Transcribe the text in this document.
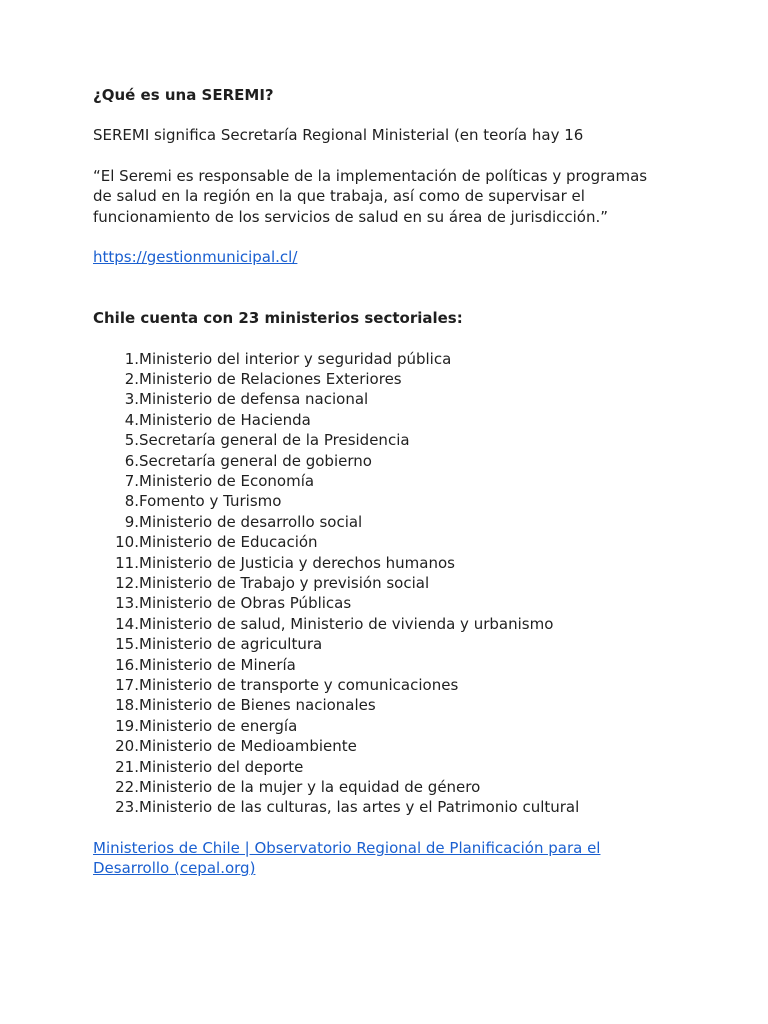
¿Qué es una SEREMI?

SEREMI significa Secretaría Regional Ministerial (en teoría hay 16

“El Seremi es responsable de la implementación de políticas y programas
de salud en la región en la que trabaja, así como de supervisar el
funcionamiento de los servicios de salud en su área de jurisdicción.”
https://gestionmunicipal.cl/

Chile cuenta con 23 ministerios sectoriales:

1. Ministerio del interior y seguridad pública
2. Ministerio de Relaciones Exteriores
3. Ministerio de defensa nacional
4. Ministerio de Hacienda
5. Secretaría general de la Presidencia
6. Secretaría general de gobierno
7. Ministerio de Economía
8. Fomento y Turismo
9. Ministerio de desarrollo social
10. Ministerio de Educación
11. Ministerio de Justicia y derechos humanos
12. Ministerio de Trabajo y previsión social
13. Ministerio de Obras Públicas
14. Ministerio de salud, Ministerio de vivienda y urbanismo
15. Ministerio de agricultura
16. Ministerio de Minería
17. Ministerio de transporte y comunicaciones
18. Ministerio de Bienes nacionales
19. Ministerio de energía
20. Ministerio de Medioambiente
21. Ministerio del deporte
22. Ministerio de la mujer y la equidad de género
23. Ministerio de las culturas, las artes y el Patrimonio cultural
Ministerios de Chile | Observatorio Regional de Planificación para el
Desarrollo (cepal.org)
